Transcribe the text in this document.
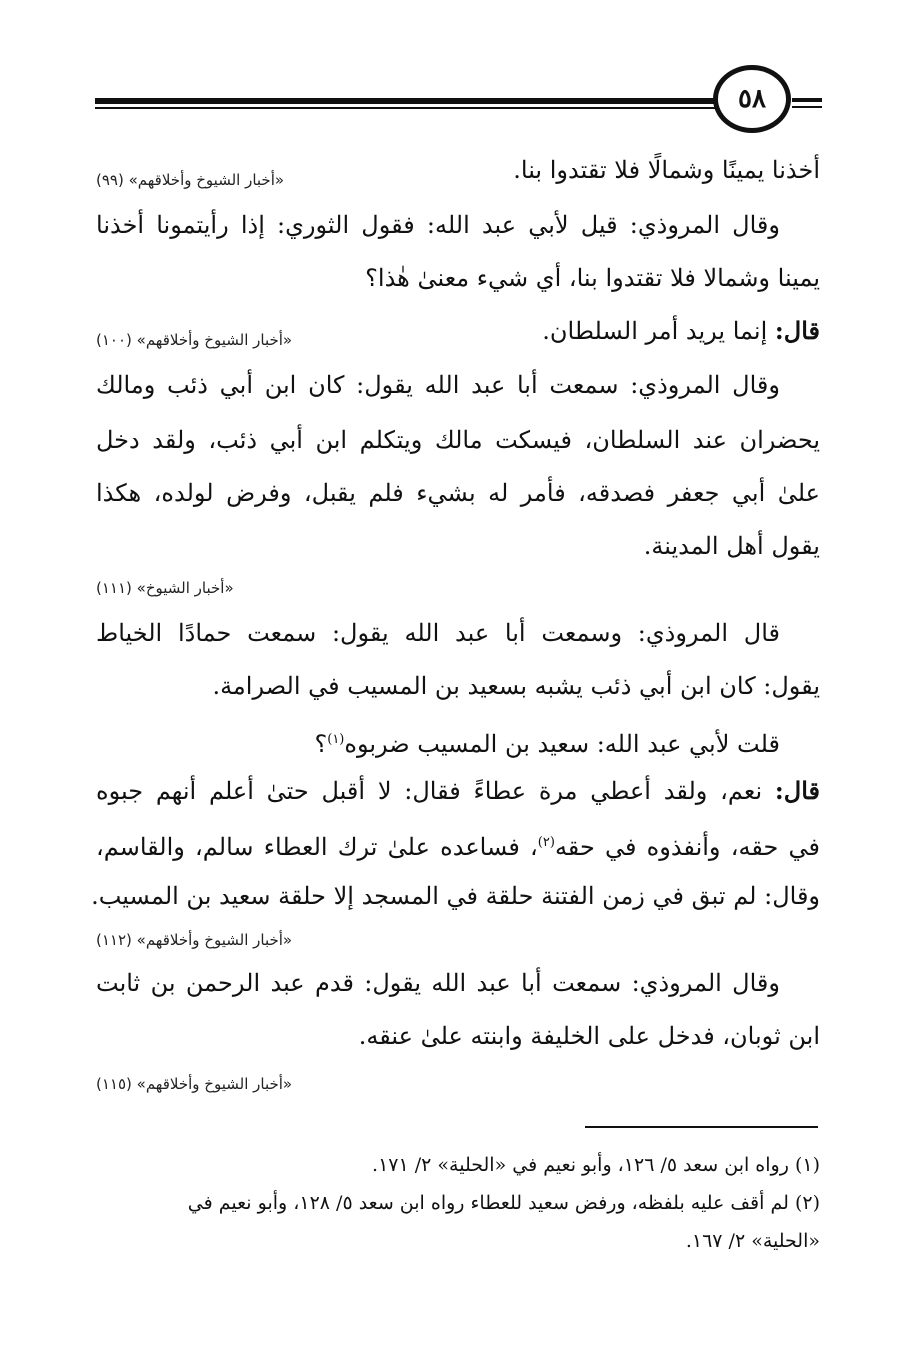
٥٨
أخذنا يمينًا وشمالًا فلا تقتدوا بنا.
«أخبار الشيوخ وأخلاقهم» (٩٩)
وقال المروذي: قيل لأبي عبد الله: فقول الثوري: إذا رأيتمونا أخذنا
يمينا وشمالا فلا تقتدوا بنا، أي شيء معنىٰ هٰذا؟
قال: إنما يريد أمر السلطان.
«أخبار الشيوخ وأخلاقهم» (١٠٠)
وقال المروذي: سمعت أبا عبد الله يقول: كان ابن أبي ذئب ومالك
يحضران عند السلطان، فيسكت مالك ويتكلم ابن أبي ذئب، ولقد دخل
علىٰ أبي جعفر فصدقه، فأمر له بشيء فلم يقبل، وفرض لولده، هكذا
يقول أهل المدينة.
«أخبار الشيوخ» (١١١)
قال المروذي: وسمعت أبا عبد الله يقول: سمعت حمادًا الخياط
يقول: كان ابن أبي ذئب يشبه بسعيد بن المسيب في الصرامة.
قلت لأبي عبد الله: سعيد بن المسيب ضربوه$^{(١)}$؟
قال: نعم، ولقد أعطي مرة عطاءً فقال: لا أقبل حتىٰ أعلم أنهم جبوه
في حقه، وأنفذوه في حقه$^{(٢)}$، فساعده علىٰ ترك العطاء سالم، والقاسم،
وقال: لم تبق في زمن الفتنة حلقة في المسجد إلا حلقة سعيد بن المسيب.
«أخبار الشيوخ وأخلاقهم» (١١٢)
وقال المروذي: سمعت أبا عبد الله يقول: قدم عبد الرحمن بن ثابت
ابن ثوبان، فدخل على الخليفة وابنته علىٰ عنقه.
«أخبار الشيوخ وأخلاقهم» (١١٥)
(١) رواه ابن سعد ٥/ ١٢٦، وأبو نعيم في «الحلية» ٢/ ١٧١.
(٢) لم أقف عليه بلفظه، ورفض سعيد للعطاء رواه ابن سعد ٥/ ١٢٨، وأبو نعيم في
«الحلية» ٢/ ١٦٧.
